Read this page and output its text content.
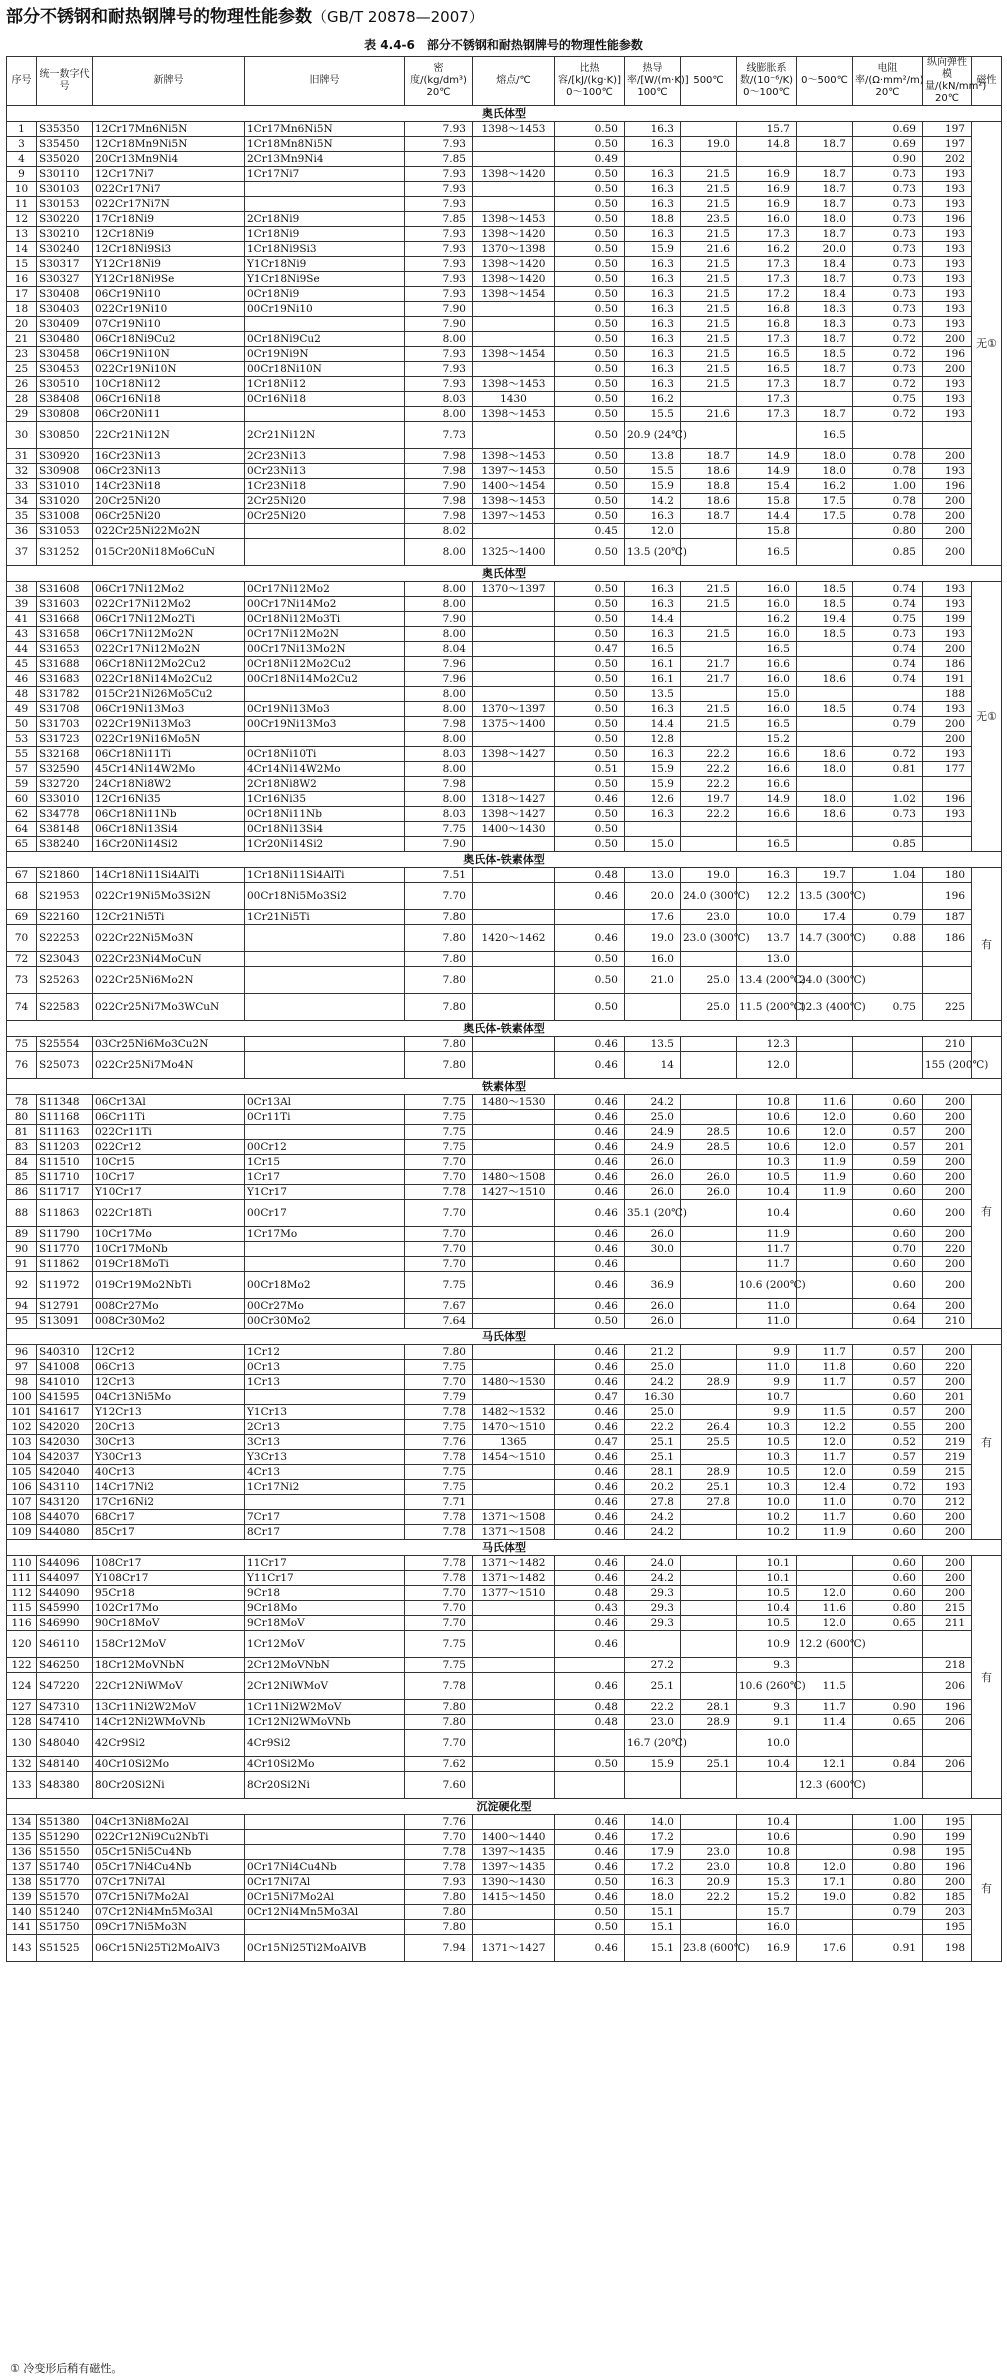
部分不锈钢和耐热钢牌号的物理性能参数（GB/T 20878—2007）
表 4.4-6　部分不锈钢和耐热钢牌号的物理性能参数
序号	统一数字代号	新牌号	旧牌号	密度/(kg/dm³) 20℃	熔点/℃	比热容/[kJ/(kg·K)] 0～100℃	热导率/[W/(m·K)] 100℃	500℃	线膨胀系数/(10⁻⁶/K) 0～100℃	0～500℃	电阻率/(Ω·mm²/m) 20℃	纵向弹性模量/(kN/mm²) 20℃	磁性
奥氏体型													
1	S35350	12Cr17Mn6Ni5N	1Cr17Mn6Ni5N	7.93	1398～1453	0.50	16.3		15.7		0.69	197	无①
3	S35450	12Cr18Mn9Ni5N	1Cr18Mn8Ni5N	7.93		0.50	16.3	19.0	14.8	18.7	0.69	197	
4	S35020	20Cr13Mn9Ni4	2Cr13Mn9Ni4	7.85		0.49					0.90	202	
9	S30110	12Cr17Ni7	1Cr17Ni7	7.93	1398～1420	0.50	16.3	21.5	16.9	18.7	0.73	193	
10	S30103	022Cr17Ni7		7.93		0.50	16.3	21.5	16.9	18.7	0.73	193	
11	S30153	022Cr17Ni7N		7.93		0.50	16.3	21.5	16.9	18.7	0.73	193	
12	S30220	17Cr18Ni9	2Cr18Ni9	7.85	1398～1453	0.50	18.8	23.5	16.0	18.0	0.73	196	
13	S30210	12Cr18Ni9	1Cr18Ni9	7.93	1398～1420	0.50	16.3	21.5	17.3	18.7	0.73	193	
14	S30240	12Cr18Ni9Si3	1Cr18Ni9Si3	7.93	1370～1398	0.50	15.9	21.6	16.2	20.0	0.73	193	
15	S30317	Y12Cr18Ni9	Y1Cr18Ni9	7.93	1398～1420	0.50	16.3	21.5	17.3	18.4	0.73	193	
16	S30327	Y12Cr18Ni9Se	Y1Cr18Ni9Se	7.93	1398～1420	0.50	16.3	21.5	17.3	18.7	0.73	193	
17	S30408	06Cr19Ni10	0Cr18Ni9	7.93	1398～1454	0.50	16.3	21.5	17.2	18.4	0.73	193	
18	S30403	022Cr19Ni10	00Cr19Ni10	7.90		0.50	16.3	21.5	16.8	18.3	0.73	193	
20	S30409	07Cr19Ni10		7.90		0.50	16.3	21.5	16.8	18.3	0.73	193	
21	S30480	06Cr18Ni9Cu2	0Cr18Ni9Cu2	8.00		0.50	16.3	21.5	17.3	18.7	0.72	200	
23	S30458	06Cr19Ni10N	0Cr19Ni9N	7.93	1398～1454	0.50	16.3	21.5	16.5	18.5	0.72	196	
25	S30453	022Cr19Ni10N	00Cr18Ni10N	7.93		0.50	16.3	21.5	16.5	18.7	0.73	200	
26	S30510	10Cr18Ni12	1Cr18Ni12	7.93	1398～1453	0.50	16.3	21.5	17.3	18.7	0.72	193	
28	S38408	06Cr16Ni18	0Cr16Ni18	8.03	1430	0.50	16.2		17.3		0.75	193	
29	S30808	06Cr20Ni11		8.00	1398～1453	0.50	15.5	21.6	17.3	18.7	0.72	193	
30	S30850	22Cr21Ni12N	2Cr21Ni12N	7.73		0.50	20.9 (24℃)			16.5			
31	S30920	16Cr23Ni13	2Cr23Ni13	7.98	1398～1453	0.50	13.8	18.7	14.9	18.0	0.78	200	
32	S30908	06Cr23Ni13	0Cr23Ni13	7.98	1397～1453	0.50	15.5	18.6	14.9	18.0	0.78	193	
33	S31010	14Cr23Ni18	1Cr23Ni18	7.90	1400～1454	0.50	15.9	18.8	15.4	16.2	1.00	196	
34	S31020	20Cr25Ni20	2Cr25Ni20	7.98	1398～1453	0.50	14.2	18.6	15.8	17.5	0.78	200	
35	S31008	06Cr25Ni20	0Cr25Ni20	7.98	1397～1453	0.50	16.3	18.7	14.4	17.5	0.78	200	
36	S31053	022Cr25Ni22Mo2N		8.02		0.45	12.0		15.8		0.80	200	
37	S31252	015Cr20Ni18Mo6CuN		8.00	1325～1400	0.50	13.5 (20℃)		16.5		0.85	200	
奥氏体型													
38	S31608	06Cr17Ni12Mo2	0Cr17Ni12Mo2	8.00	1370～1397	0.50	16.3	21.5	16.0	18.5	0.74	193	无①
39	S31603	022Cr17Ni12Mo2	00Cr17Ni14Mo2	8.00		0.50	16.3	21.5	16.0	18.5	0.74	193	
41	S31668	06Cr17Ni12Mo2Ti	0Cr18Ni12Mo3Ti	7.90		0.50	14.4		16.2	19.4	0.75	199	
43	S31658	06Cr17Ni12Mo2N	0Cr17Ni12Mo2N	8.00		0.50	16.3	21.5	16.0	18.5	0.73	193	
44	S31653	022Cr17Ni12Mo2N	00Cr17Ni13Mo2N	8.04		0.47	16.5		16.5		0.74	200	
45	S31688	06Cr18Ni12Mo2Cu2	0Cr18Ni12Mo2Cu2	7.96		0.50	16.1	21.7	16.6		0.74	186	
46	S31683	022Cr18Ni14Mo2Cu2	00Cr18Ni14Mo2Cu2	7.96		0.50	16.1	21.7	16.0	18.6	0.74	191	
48	S31782	015Cr21Ni26Mo5Cu2		8.00		0.50	13.5		15.0			188	
49	S31708	06Cr19Ni13Mo3	0Cr19Ni13Mo3	8.00	1370～1397	0.50	16.3	21.5	16.0	18.5	0.74	193	
50	S31703	022Cr19Ni13Mo3	00Cr19Ni13Mo3	7.98	1375～1400	0.50	14.4	21.5	16.5		0.79	200	
53	S31723	022Cr19Ni16Mo5N		8.00		0.50	12.8		15.2			200	
55	S32168	06Cr18Ni11Ti	0Cr18Ni10Ti	8.03	1398～1427	0.50	16.3	22.2	16.6	18.6	0.72	193	
57	S32590	45Cr14Ni14W2Mo	4Cr14Ni14W2Mo	8.00		0.51	15.9	22.2	16.6	18.0	0.81	177	
59	S32720	24Cr18Ni8W2	2Cr18Ni8W2	7.98		0.50	15.9	22.2	16.6				
60	S33010	12Cr16Ni35	1Cr16Ni35	8.00	1318～1427	0.46	12.6	19.7	14.9	18.0	1.02	196	
62	S34778	06Cr18Ni11Nb	0Cr18Ni11Nb	8.03	1398～1427	0.50	16.3	22.2	16.6	18.6	0.73	193	
64	S38148	06Cr18Ni13Si4	0Cr18Ni13Si4	7.75	1400～1430	0.50							
65	S38240	16Cr20Ni14Si2	1Cr20Ni14Si2	7.90		0.50	15.0		16.5		0.85		
奥氏体-铁素体型													
67	S21860	14Cr18Ni11Si4AlTi	1Cr18Ni11Si4AlTi	7.51		0.48	13.0	19.0	16.3	19.7	1.04	180	有
68	S21953	022Cr19Ni5Mo3Si2N	00Cr18Ni5Mo3Si2	7.70		0.46	20.0	24.0 (300℃)	12.2	13.5 (300℃)		196	
69	S22160	12Cr21Ni5Ti	1Cr21Ni5Ti	7.80			17.6	23.0	10.0	17.4	0.79	187	
70	S22253	022Cr22Ni5Mo3N		7.80	1420～1462	0.46	19.0	23.0 (300℃)	13.7	14.7 (300℃)	0.88	186	
72	S23043	022Cr23Ni4MoCuN		7.80		0.50	16.0		13.0				
73	S25263	022Cr25Ni6Mo2N		7.80		0.50	21.0	25.0	13.4 (200℃)	24.0 (300℃)			
74	S22583	022Cr25Ni7Mo3WCuN		7.80		0.50		25.0	11.5 (200℃)	12.3 (400℃)	0.75	225	
奥氏体-铁素体型													
75	S25554	03Cr25Ni6Mo3Cu2N		7.80		0.46	13.5		12.3			210	
76	S25073	022Cr25Ni7Mo4N		7.80		0.46	14		12.0			155 (200℃)	
铁素体型													
78	S11348	06Cr13Al	0Cr13Al	7.75	1480～1530	0.46	24.2		10.8	11.6	0.60	200	有
80	S11168	06Cr11Ti	0Cr11Ti	7.75		0.46	25.0		10.6	12.0	0.60	200	
81	S11163	022Cr11Ti		7.75		0.46	24.9	28.5	10.6	12.0	0.57	200	
83	S11203	022Cr12	00Cr12	7.75		0.46	24.9	28.5	10.6	12.0	0.57	201	
84	S11510	10Cr15	1Cr15	7.70		0.46	26.0		10.3	11.9	0.59	200	
85	S11710	10Cr17	1Cr17	7.70	1480～1508	0.46	26.0	26.0	10.5	11.9	0.60	200	
86	S11717	Y10Cr17	Y1Cr17	7.78	1427～1510	0.46	26.0	26.0	10.4	11.9	0.60	200	
88	S11863	022Cr18Ti	00Cr17	7.70		0.46	35.1 (20℃)		10.4		0.60	200	
89	S11790	10Cr17Mo	1Cr17Mo	7.70		0.46	26.0		11.9		0.60	200	
90	S11770	10Cr17MoNb		7.70		0.46	30.0		11.7		0.70	220	
91	S11862	019Cr18MoTi		7.70		0.46			11.7		0.60	200	
92	S11972	019Cr19Mo2NbTi	00Cr18Mo2	7.75		0.46	36.9		10.6 (200℃)		0.60	200	
94	S12791	008Cr27Mo	00Cr27Mo	7.67		0.46	26.0		11.0		0.64	200	
95	S13091	008Cr30Mo2	00Cr30Mo2	7.64		0.50	26.0		11.0		0.64	210	
马氏体型													
96	S40310	12Cr12	1Cr12	7.80		0.46	21.2		9.9	11.7	0.57	200	有
97	S41008	06Cr13	0Cr13	7.75		0.46	25.0		11.0	11.8	0.60	220	
98	S41010	12Cr13	1Cr13	7.70	1480～1530	0.46	24.2	28.9	9.9	11.7	0.57	200	
100	S41595	04Cr13Ni5Mo		7.79		0.47	16.30		10.7		0.60	201	
101	S41617	Y12Cr13	Y1Cr13	7.78	1482～1532	0.46	25.0		9.9	11.5	0.57	200	
102	S42020	20Cr13	2Cr13	7.75	1470～1510	0.46	22.2	26.4	10.3	12.2	0.55	200	
103	S42030	30Cr13	3Cr13	7.76	1365	0.47	25.1	25.5	10.5	12.0	0.52	219	
104	S42037	Y30Cr13	Y3Cr13	7.78	1454～1510	0.46	25.1		10.3	11.7	0.57	219	
105	S42040	40Cr13	4Cr13	7.75		0.46	28.1	28.9	10.5	12.0	0.59	215	
106	S43110	14Cr17Ni2	1Cr17Ni2	7.75		0.46	20.2	25.1	10.3	12.4	0.72	193	
107	S43120	17Cr16Ni2		7.71		0.46	27.8	27.8	10.0	11.0	0.70	212	
108	S44070	68Cr17	7Cr17	7.78	1371～1508	0.46	24.2		10.2	11.7	0.60	200	
109	S44080	85Cr17	8Cr17	7.78	1371～1508	0.46	24.2		10.2	11.9	0.60	200	
马氏体型													
110	S44096	108Cr17	11Cr17	7.78	1371～1482	0.46	24.0		10.1		0.60	200	有
111	S44097	Y108Cr17	Y11Cr17	7.78	1371～1482	0.46	24.2		10.1		0.60	200	
112	S44090	95Cr18	9Cr18	7.70	1377～1510	0.48	29.3		10.5	12.0	0.60	200	
115	S45990	102Cr17Mo	9Cr18Mo	7.70		0.43	29.3		10.4	11.6	0.80	215	
116	S46990	90Cr18MoV	9Cr18MoV	7.70		0.46	29.3		10.5	12.0	0.65	211	
120	S46110	158Cr12MoV	1Cr12MoV	7.75		0.46			10.9	12.2 (600℃)			
122	S46250	18Cr12MoVNbN	2Cr12MoVNbN	7.75			27.2		9.3			218	
124	S47220	22Cr12NiWMoV	2Cr12NiWMoV	7.78		0.46	25.1		10.6 (260℃)	11.5		206	
127	S47310	13Cr11Ni2W2MoV	1Cr11Ni2W2MoV	7.80		0.48	22.2	28.1	9.3	11.7	0.90	196	
128	S47410	14Cr12Ni2WMoVNb	1Cr12Ni2WMoVNb	7.80		0.48	23.0	28.9	9.1	11.4	0.65	206	
130	S48040	42Cr9Si2	4Cr9Si2	7.70			16.7 (20℃)		10.0				
132	S48140	40Cr10Si2Mo	4Cr10Si2Mo	7.62		0.50	15.9	25.1	10.4	12.1	0.84	206	
133	S48380	80Cr20Si2Ni	8Cr20Si2Ni	7.60						12.3 (600℃)			
沉淀硬化型													
134	S51380	04Cr13Ni8Mo2Al		7.76		0.46	14.0		10.4		1.00	195	有
135	S51290	022Cr12Ni9Cu2NbTi		7.70	1400～1440	0.46	17.2		10.6		0.90	199	
136	S51550	05Cr15Ni5Cu4Nb		7.78	1397～1435	0.46	17.9	23.0	10.8		0.98	195	
137	S51740	05Cr17Ni4Cu4Nb	0Cr17Ni4Cu4Nb	7.78	1397～1435	0.46	17.2	23.0	10.8	12.0	0.80	196	
138	S51770	07Cr17Ni7Al	0Cr17Ni7Al	7.93	1390～1430	0.50	16.3	20.9	15.3	17.1	0.80	200	
139	S51570	07Cr15Ni7Mo2Al	0Cr15Ni7Mo2Al	7.80	1415～1450	0.46	18.0	22.2	15.2	19.0	0.82	185	
140	S51240	07Cr12Ni4Mn5Mo3Al	0Cr12Ni4Mn5Mo3Al	7.80		0.50	15.1		15.7		0.79	203	
141	S51750	09Cr17Ni5Mo3N		7.80		0.50	15.1		16.0			195	
143	S51525	06Cr15Ni25Ti2MoAlV3	0Cr15Ni25Ti2MoAlVB	7.94	1371～1427	0.46	15.1	23.8 (600℃)	16.9	17.6	0.91	198	
① 冷变形后稍有磁性。
